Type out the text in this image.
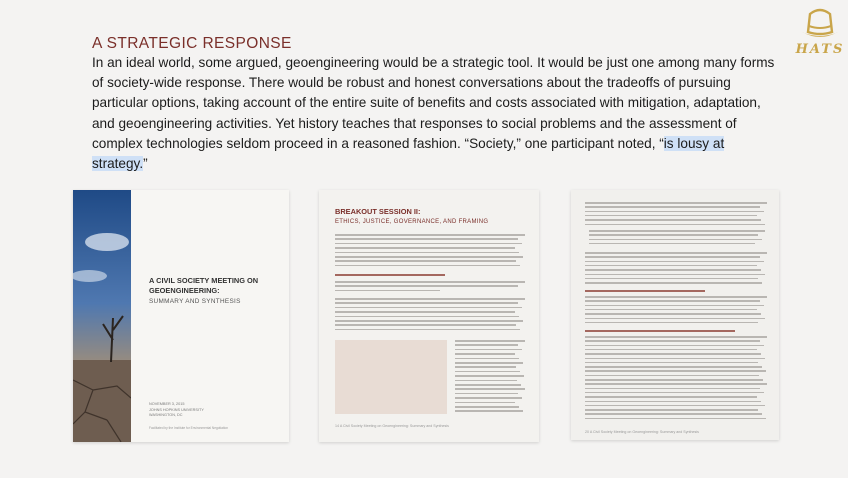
A STRATEGIC RESPONSE
In an ideal world, some argued, geoengineering would be a strategic tool. It would be just one among many forms of society-wide response. There would be robust and honest conversations about the tradeoffs of pursuing particular options, taking account of the entire suite of benefits and costs associated with mitigation, adaptation, and geoengineering activities. Yet history teaches that responses to social problems and the assessment of complex technologies seldom proceed in a reasoned fashion. “Society,” one participant noted, “is lousy at strategy.”
HATS
A CIVIL SOCIETY MEETING ON GEOENGINEERING:
SUMMARY AND SYNTHESIS
NOVEMBER 3, 2015
JOHNS HOPKINS UNIVERSITY
WASHINGTON, DC
Facilitated by the Institute for Environmental Negotiation
BREAKOUT SESSION II:
ETHICS, JUSTICE, GOVERNANCE, AND FRAMING
14 A Civil Society Meeting on Geoengineering: Summary and Synthesis
20 A Civil Society Meeting on Geoengineering: Summary and Synthesis
